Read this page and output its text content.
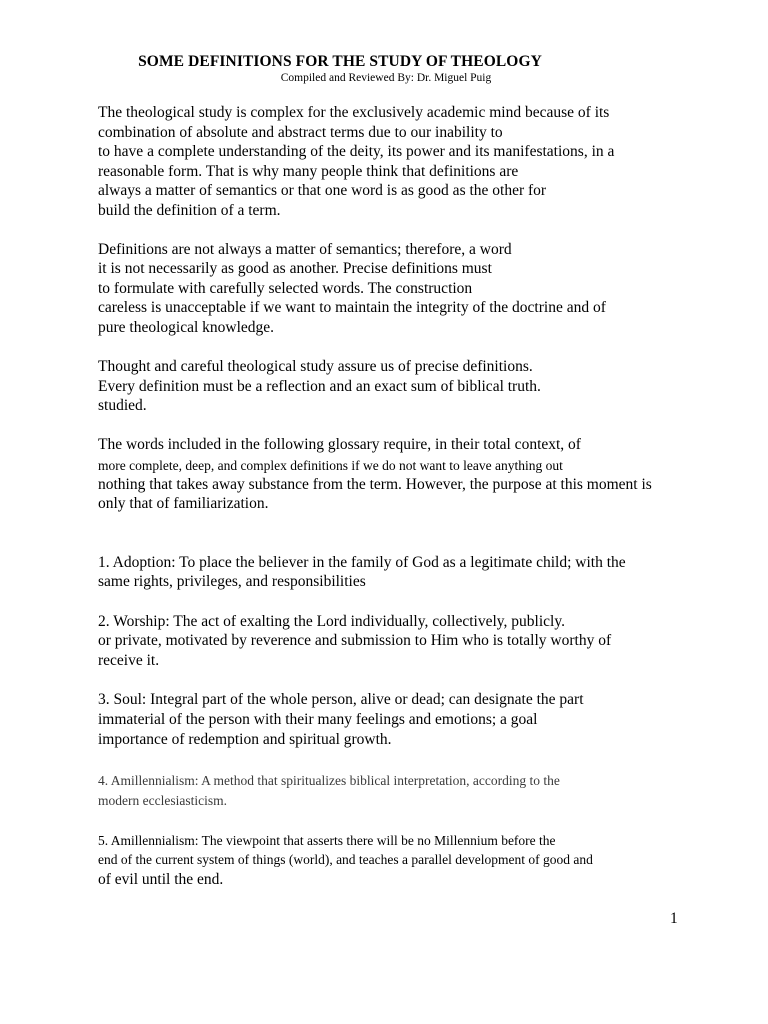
SOME DEFINITIONS FOR THE STUDY OF THEOLOGY
Compiled and Reviewed By: Dr. Miguel Puig
The theological study is complex for the exclusively academic mind because of its
combination of absolute and abstract terms due to our inability to
to have a complete understanding of the deity, its power and its manifestations, in a
reasonable form. That is why many people think that definitions are
always a matter of semantics or that one word is as good as the other for
build the definition of a term.
Definitions are not always a matter of semantics; therefore, a word
it is not necessarily as good as another. Precise definitions must
to formulate with carefully selected words. The construction
careless is unacceptable if we want to maintain the integrity of the doctrine and of
pure theological knowledge.
Thought and careful theological study assure us of precise definitions.
Every definition must be a reflection and an exact sum of biblical truth.
studied.
The words included in the following glossary require, in their total context, of
more complete, deep, and complex definitions if we do not want to leave anything out
nothing that takes away substance from the term. However, the purpose at this moment is
only that of familiarization.
1. Adoption: To place the believer in the family of God as a legitimate child; with the
same rights, privileges, and responsibilities
2. Worship: The act of exalting the Lord individually, collectively, publicly.
or private, motivated by reverence and submission to Him who is totally worthy of
receive it.
3. Soul: Integral part of the whole person, alive or dead; can designate the part
immaterial of the person with their many feelings and emotions; a goal
importance of redemption and spiritual growth.
4. Amillennialism: A method that spiritualizes biblical interpretation, according to the
modern ecclesiasticism.
5. Amillennialism: The viewpoint that asserts there will be no Millennium before the
end of the current system of things (world), and teaches a parallel development of good and
of evil until the end.
1
